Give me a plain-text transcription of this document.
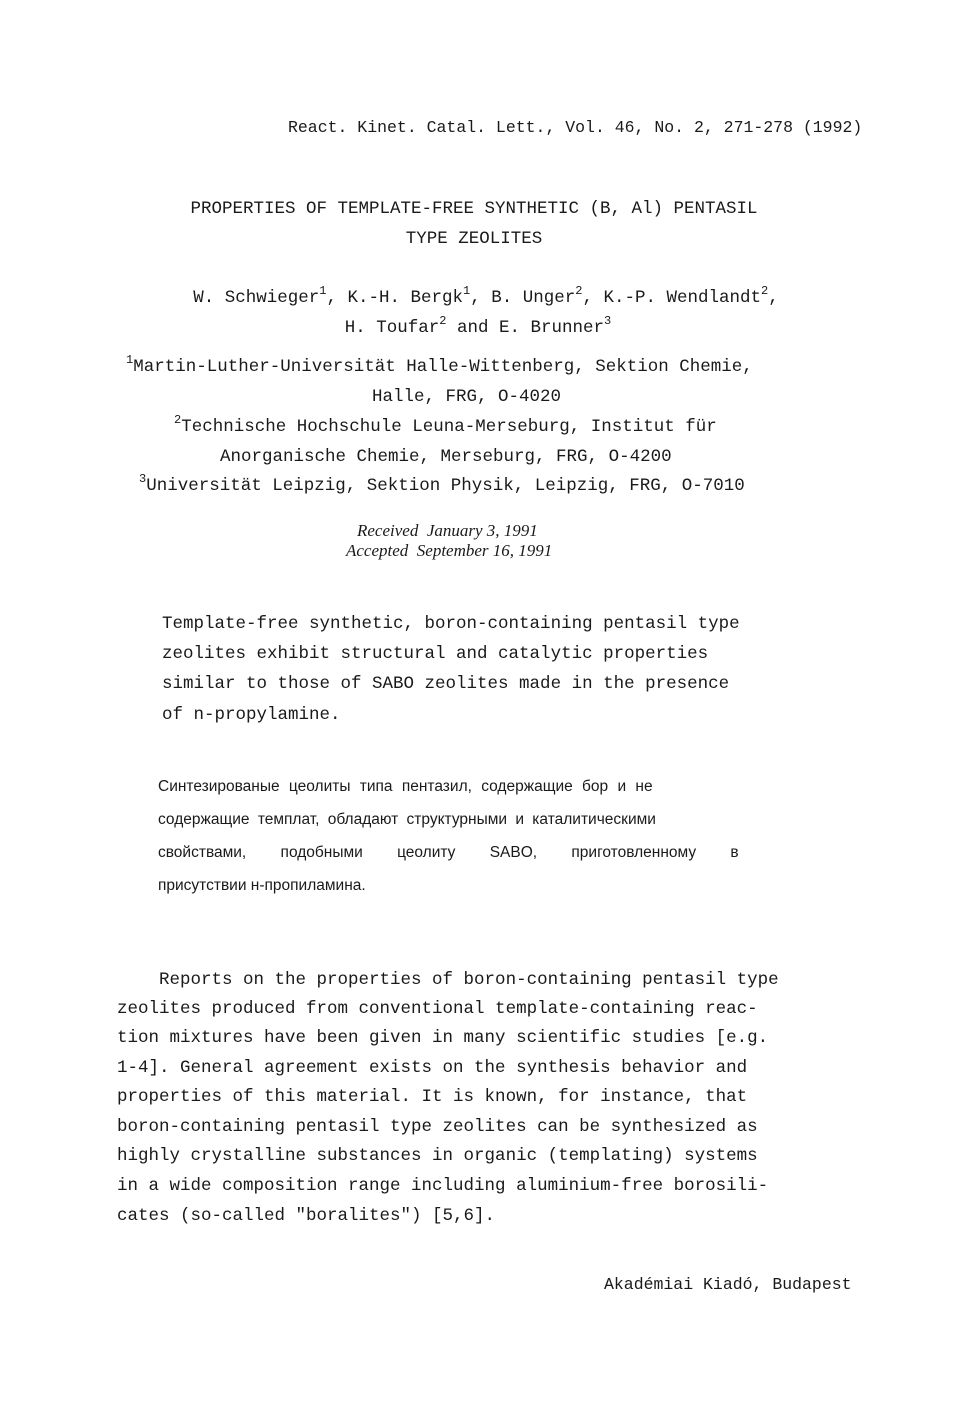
React. Kinet. Catal. Lett., Vol. 46, No. 2, 271-278 (1992)
PROPERTIES OF TEMPLATE-FREE SYNTHETIC (B, Al) PENTASIL
TYPE ZEOLITES
W. Schwieger$^1$, K.-H. Bergk$^1$, B. Unger$^2$, K.-P. Wendlandt$^2$,
H. Toufar$^2$ and E. Brunner$^3$
$^1$Martin-Luther-Universität Halle-Wittenberg, Sektion Chemie,
Halle, FRG, O-4020
$^2$Technische Hochschule Leuna-Merseburg, Institut für
Anorganische Chemie, Merseburg, FRG, O-4200
$^3$Universität Leipzig, Sektion Physik, Leipzig, FRG, O-7010
Received  January 3, 1991
Accepted  September 16, 1991
Template-free synthetic, boron-containing pentasil type
zeolites exhibit structural and catalytic properties
similar to those of SABO zeolites made in the presence
of n-propylamine.
Синтезированые цеолиты типа пентазил, содержащие бор и не
содержащие темплат, обладают структурными и каталитическими
свойствами, подобными цеолиту SABO, приготовленному в
присутствии н-пропиламина.
Reports on the properties of boron-containing pentasil type
zeolites produced from conventional template-containing reac-
tion mixtures have been given in many scientific studies [e.g.
1-4]. General agreement exists on the synthesis behavior and
properties of this material. It is known, for instance, that
boron-containing pentasil type zeolites can be synthesized as
highly crystalline substances in organic (templating) systems
in a wide composition range including aluminium-free borosili-
cates (so-called "boralites") [5,6].
Akadémiai Kiadó, Budapest
